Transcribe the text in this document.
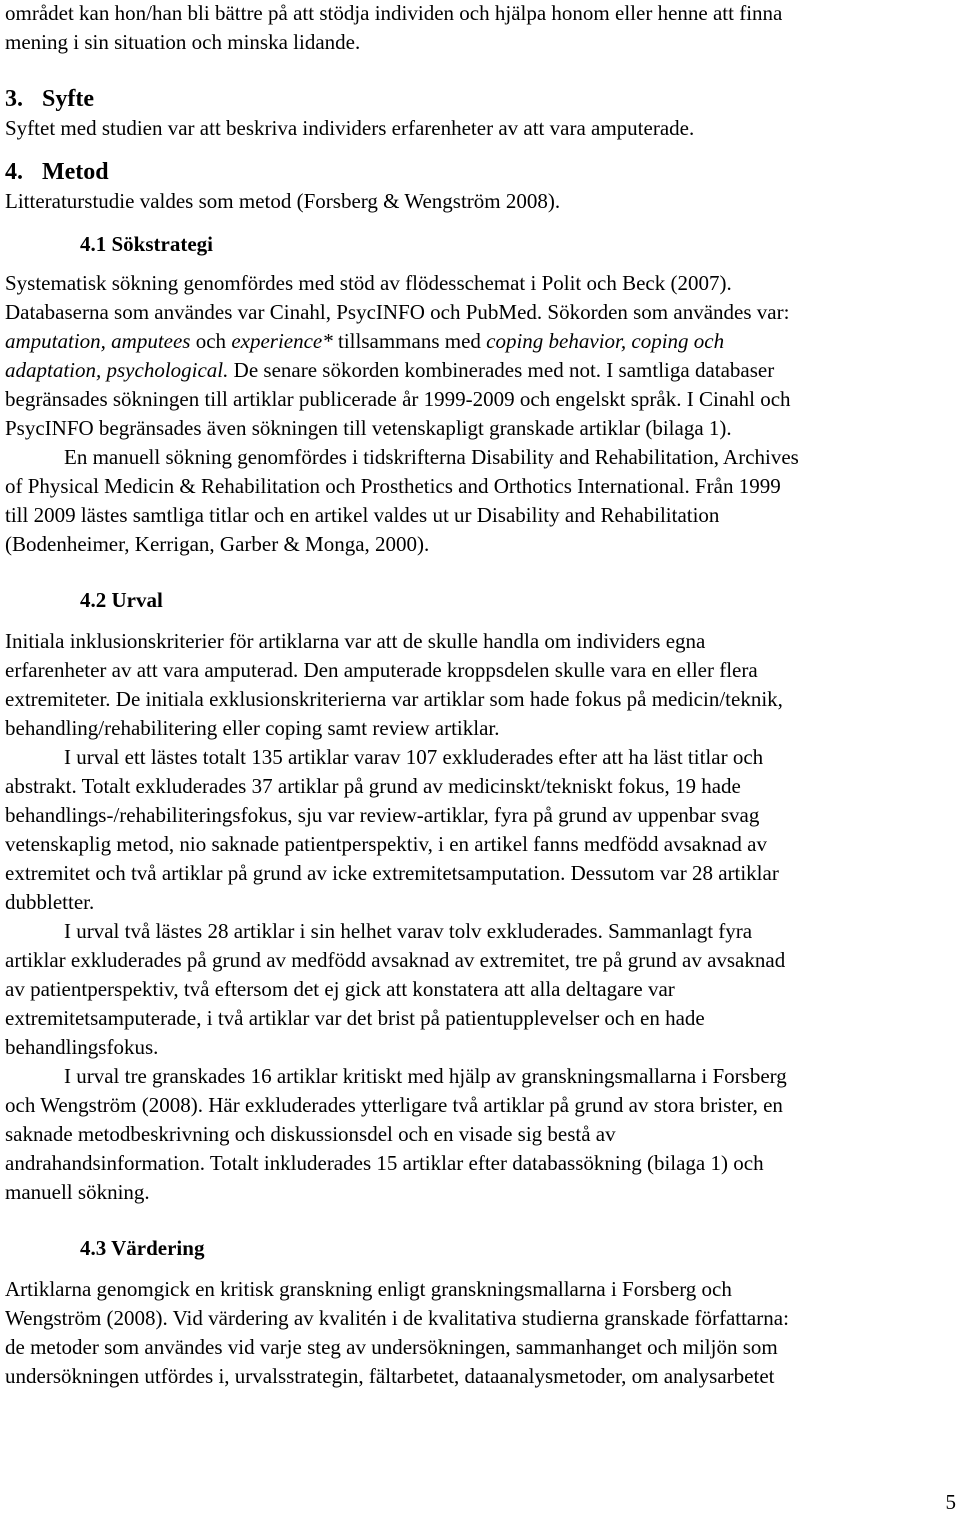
området kan hon/han bli bättre på att stödja individen och hjälpa honom eller henne att finna
mening i sin situation och minska lidande.
3. Syfte
Syftet med studien var att beskriva individers erfarenheter av att vara amputerade.
4. Metod
Litteraturstudie valdes som metod (Forsberg & Wengström 2008).
4.1 Sökstrategi
Systematisk sökning genomfördes med stöd av flödesschemat i Polit och Beck (2007).
Databaserna som användes var Cinahl, PsycINFO och PubMed. Sökorden som användes var:
amputation, amputees och experience* tillsammans med coping behavior, coping och
adaptation, psychological. De senare sökorden kombinerades med not. I samtliga databaser
begränsades sökningen till artiklar publicerade år 1999-2009 och engelskt språk. I Cinahl och
PsycINFO begränsades även sökningen till vetenskapligt granskade artiklar (bilaga 1).
En manuell sökning genomfördes i tidskrifterna Disability and Rehabilitation, Archives
of Physical Medicin & Rehabilitation och Prosthetics and Orthotics International. Från 1999
till 2009 lästes samtliga titlar och en artikel valdes ut ur Disability and Rehabilitation
(Bodenheimer, Kerrigan, Garber & Monga, 2000).
4.2 Urval
Initiala inklusionskriterier för artiklarna var att de skulle handla om individers egna
erfarenheter av att vara amputerad. Den amputerade kroppsdelen skulle vara en eller flera
extremiteter. De initiala exklusionskriterierna var artiklar som hade fokus på medicin/teknik,
behandling/rehabilitering eller coping samt review artiklar.
I urval ett lästes totalt 135 artiklar varav 107 exkluderades efter att ha läst titlar och
abstrakt. Totalt exkluderades 37 artiklar på grund av medicinskt/tekniskt fokus, 19 hade
behandlings-/rehabiliteringsfokus, sju var review-artiklar, fyra på grund av uppenbar svag
vetenskaplig metod, nio saknade patientperspektiv, i en artikel fanns medfödd avsaknad av
extremitet och två artiklar på grund av icke extremitetsamputation. Dessutom var 28 artiklar
dubbletter.
I urval två lästes 28 artiklar i sin helhet varav tolv exkluderades. Sammanlagt fyra
artiklar exkluderades på grund av medfödd avsaknad av extremitet, tre på grund av avsaknad
av patientperspektiv, två eftersom det ej gick att konstatera att alla deltagare var
extremitetsamputerade, i två artiklar var det brist på patientupplevelser och en hade
behandlingsfokus.
I urval tre granskades 16 artiklar kritiskt med hjälp av granskningsmallarna i Forsberg
och Wengström (2008). Här exkluderades ytterligare två artiklar på grund av stora brister, en
saknade metodbeskrivning och diskussionsdel och en visade sig bestå av
andrahandsinformation. Totalt inkluderades 15 artiklar efter databassökning (bilaga 1) och
manuell sökning.
4.3 Värdering
Artiklarna genomgick en kritisk granskning enligt granskningsmallarna i Forsberg och
Wengström (2008). Vid värdering av kvalitén i de kvalitativa studierna granskade författarna:
de metoder som användes vid varje steg av undersökningen, sammanhanget och miljön som
undersökningen utfördes i, urvalsstrategin, fältarbetet, dataanalysmetoder, om analysarbetet
5
